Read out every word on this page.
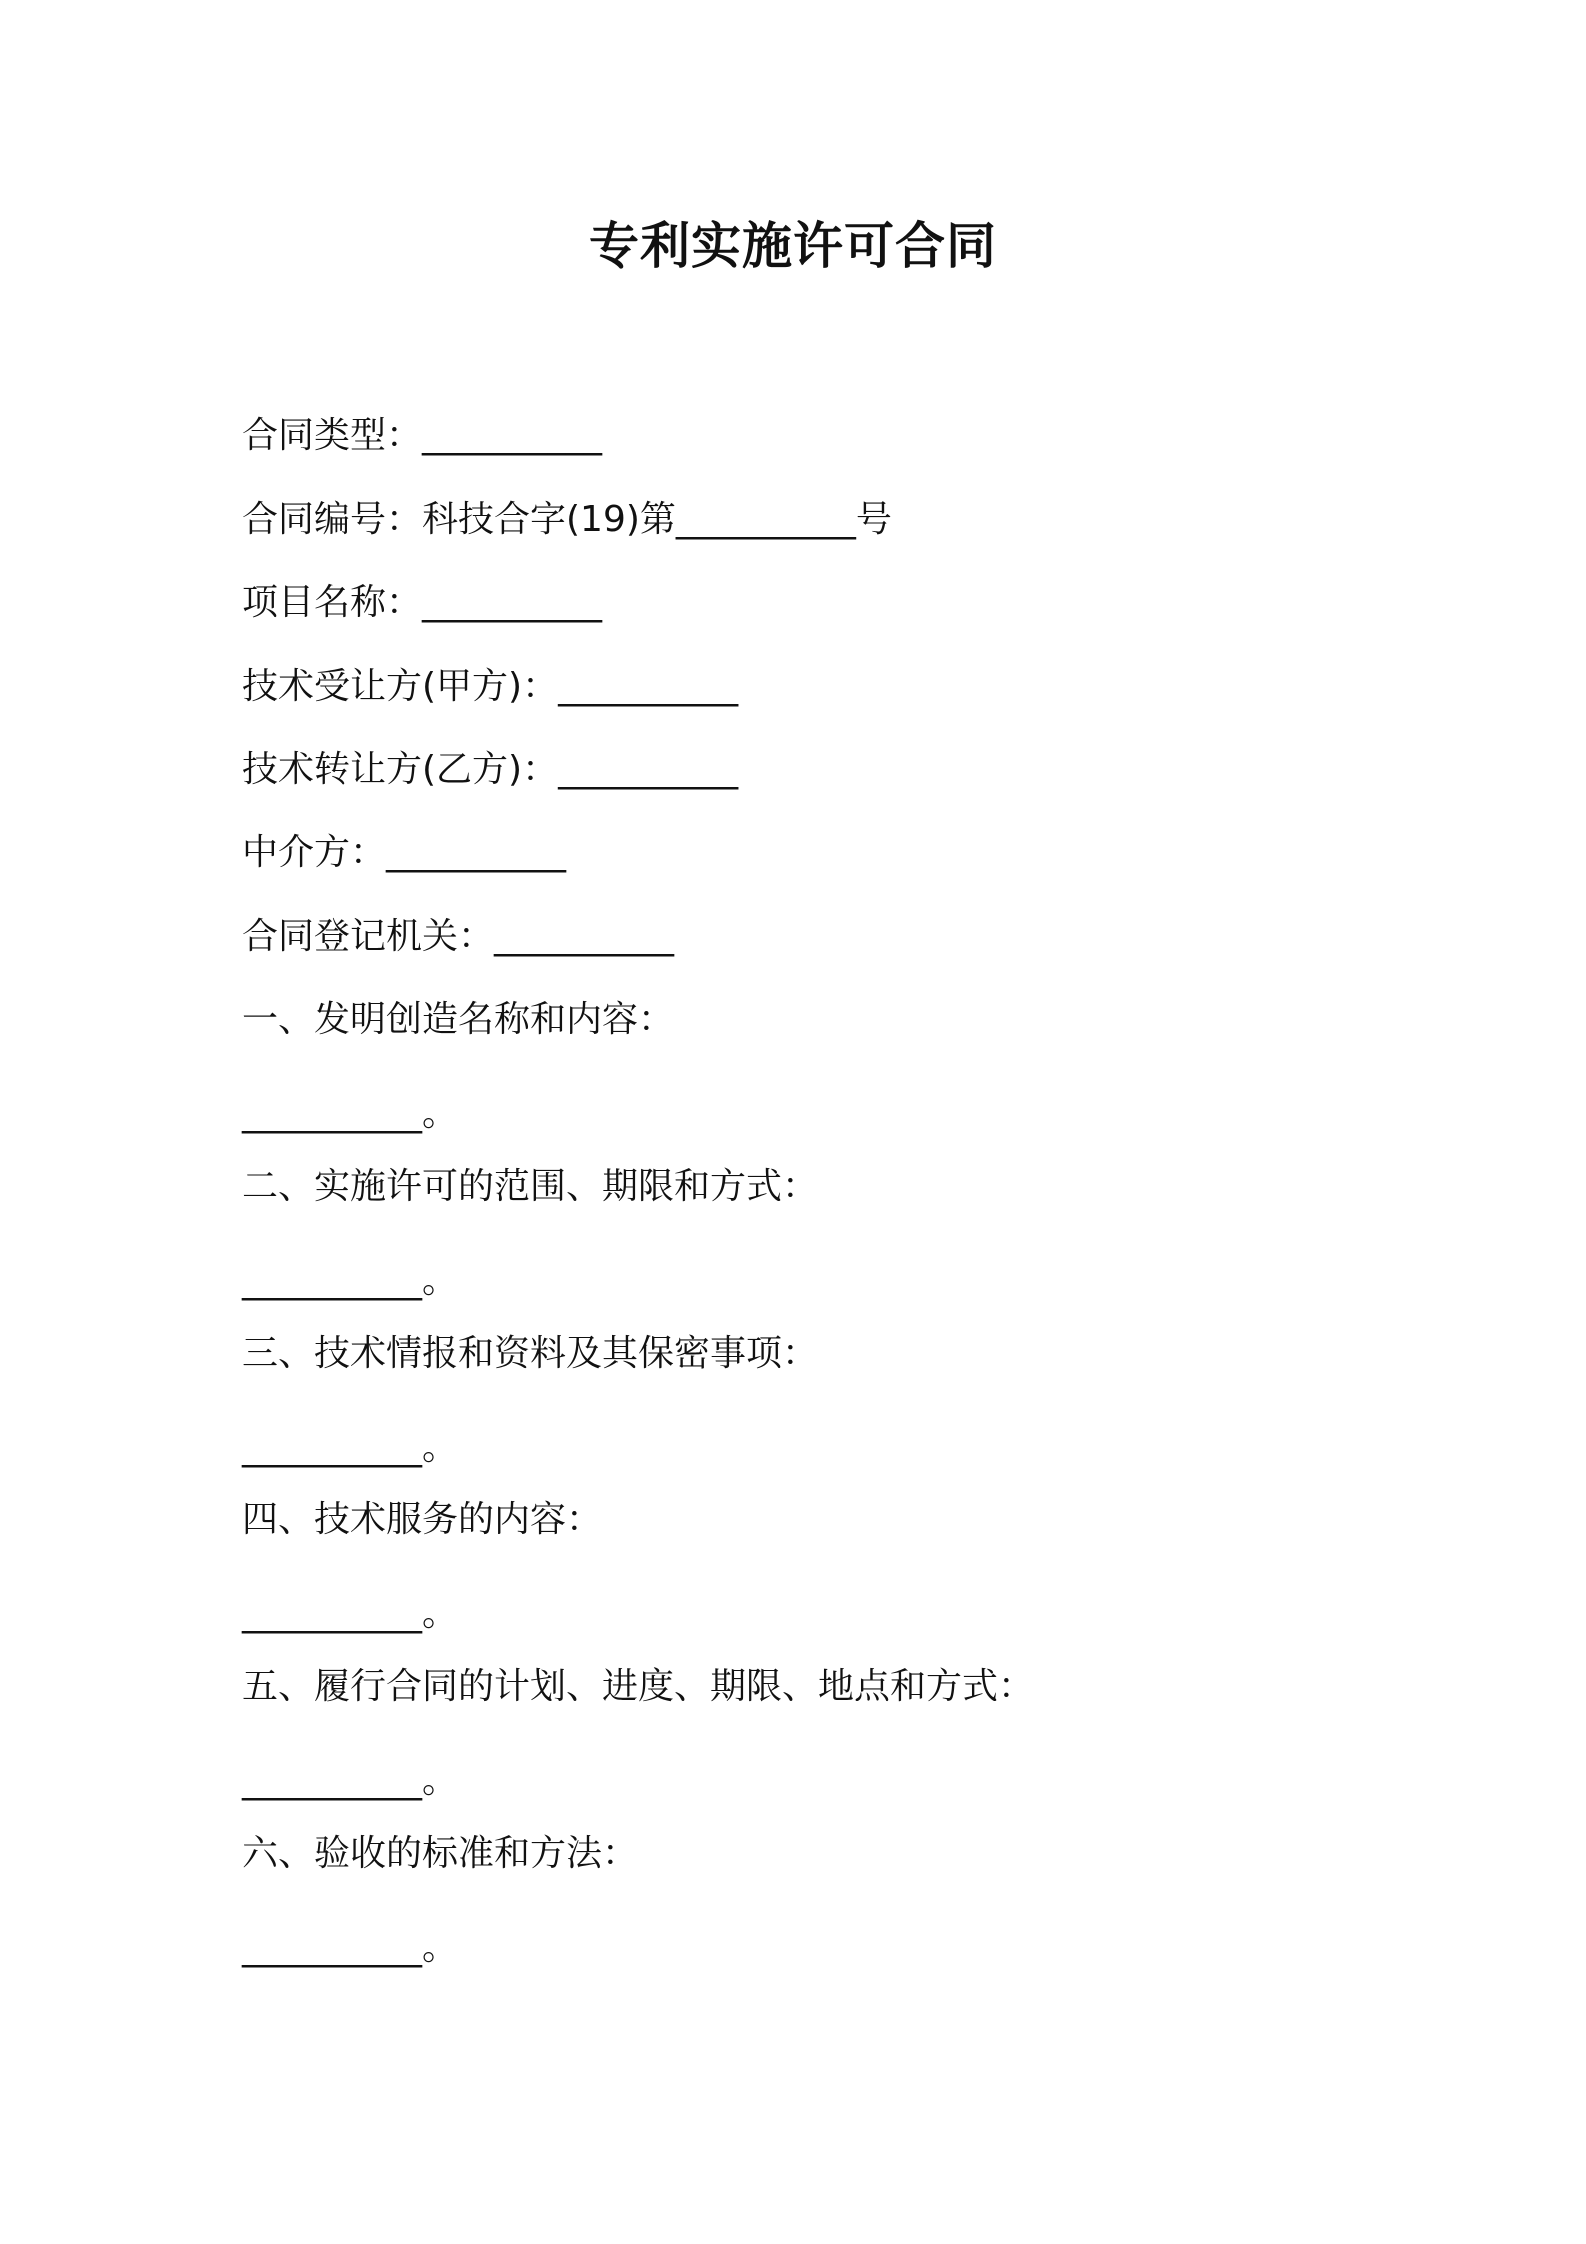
专利实施许可合同
合同类型：__________
合同编号：科技合字(19)第__________号
项目名称：__________
技术受让方(甲方)：__________
技术转让方(乙方)：__________
中介方：__________
合同登记机关：__________
一、发明创造名称和内容：
__________。
二、实施许可的范围、期限和方式：
__________。
三、技术情报和资料及其保密事项：
__________。
四、技术服务的内容：
__________。
五、履行合同的计划、进度、期限、地点和方式：
__________。
六、验收的标准和方法：
__________。
